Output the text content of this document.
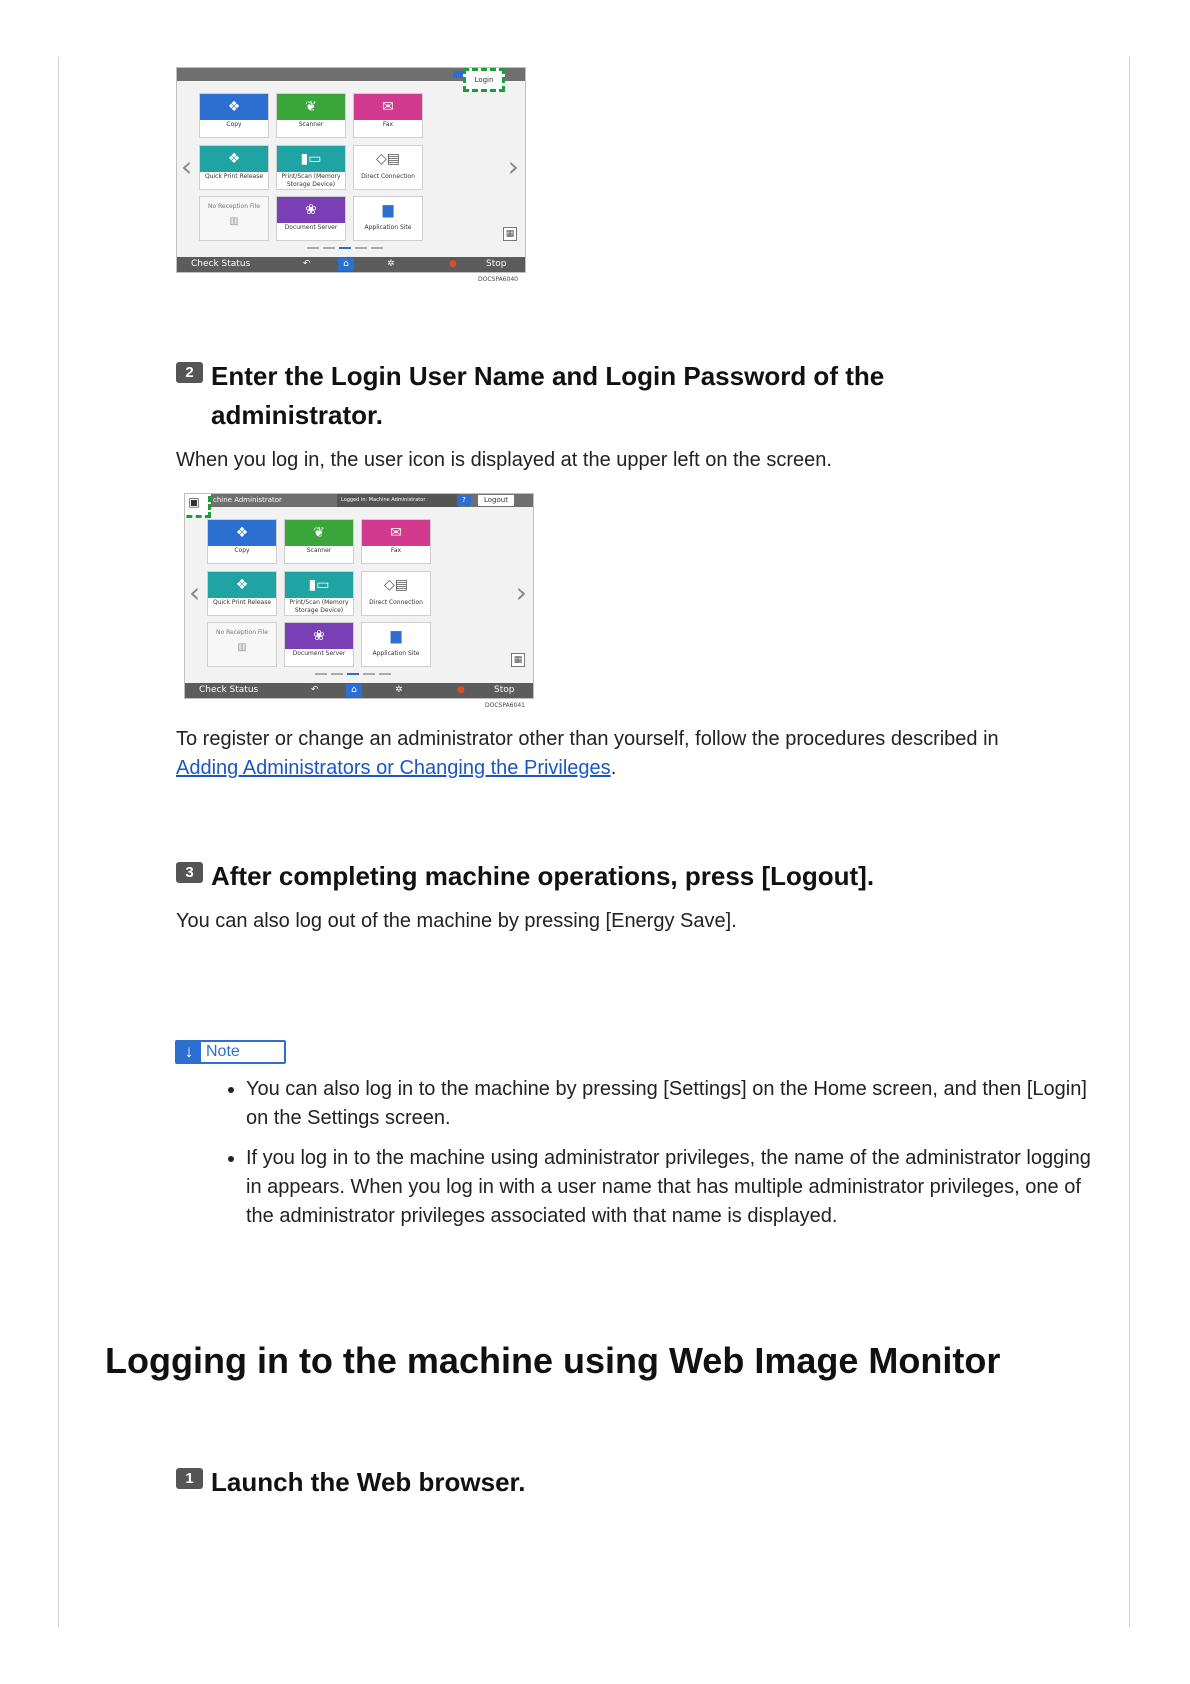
Login
‹	›
❖
Copy
❦
Scanner
✉
Fax
❖
Quick Print Release
▮▭
Print/Scan (Memory Storage Device)
◇▤
Direct Connection
No Reception File
▥
❀
Document Server
▆
Application Site
▦
Check Status	↶	⌂	✲	●	Stop
DOCSPA6040
2 Enter the Login User Name and Login Password of the administrator.
When you log in, the user icon is displayed at the upper left on the screen.
chine Administrator	Logged in: Machine Administrator	?	Logout
▣
‹	›
❖
Copy
❦
Scanner
✉
Fax
❖
Quick Print Release
▮▭
Print/Scan (Memory Storage Device)
◇▤
Direct Connection
No Reception File
▥
❀
Document Server
▆
Application Site
▦
Check Status	↶	⌂	✲	●	Stop
DOCSPA6041
To register or change an administrator other than yourself, follow the procedures described in
Adding Administrators or Changing the Privileges.
3 After completing machine operations, press [Logout].
You can also log out of the machine by pressing [Energy Save].
↓ Note
• You can also log in to the machine by pressing [Settings] on the Home screen, and then [Login] on the Settings screen.
• If you log in to the machine using administrator privileges, the name of the administrator logging in appears. When you log in with a user name that has multiple administrator privileges, one of the administrator privileges associated with that name is displayed.
Logging in to the machine using Web Image Monitor
1 Launch the Web browser.
